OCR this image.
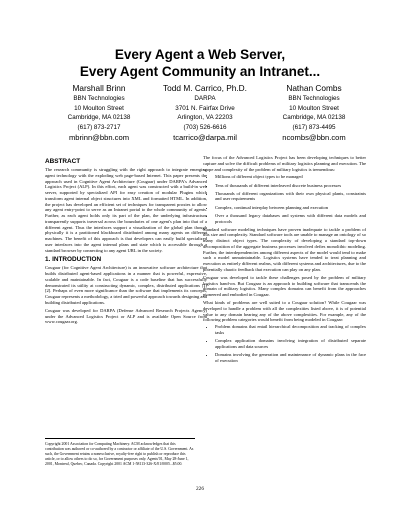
Every Agent a Web Server,
Every Agent Community an Intranet...
Marshall Brinn
BBN Technologies
10 Moulton Street
Cambridge, MA 02138
(617) 873-2717
mbrinn@bbn.com
Todd M. Carrico, Ph.D.
DARPA
3701 N. Fairfax Drive
Arlington, VA 22203
(703) 526-6616
tcarrico@darpa.mil
Nathan Combs
BBN Technologies
10 Moulton Street
Cambridge, MA 02138
(617) 873-4495
ncombs@bbn.com
ABSTRACT

The research community is struggling with the right approach to integrate emerging agent technology with the exploding web page-based Internet. This paper presents the approach used in Cognitive Agent Architecture (Cougaar) under DARPA's Advanced Logistics Project (ALP). In this effort, each agent was constructed with a build-in web server, supported by specialized API for easy creation of modular Plugins which transform agent internal object structures into XML and formatted HTML. In addition, the project has developed an efficient set of techniques for transparent proxies to allow any agent entry-point to serve as an Intranet portal to the whole community of agents. Further, as each agent holds only its part of the plan, the underlying infrastructure transparently supports traversal across the boundaries of one agent's plan into that of a different agent. Thus the interfaces support a visualization of the global plan though physically it is a partitioned blackboard distributed among many agents on different machines. The benefit of this approach is that developers can easily build specialized user interfaces into the agent internal plans and state which is accessible through a standard browser by connecting to any agent URL in the society.

1. INTRODUCTION

Cougaar (for Cognitive Agent Architecture) is an innovative software architecture that builds distributed agent-based applications in a manner that is powerful, expressive, scalable and maintainable. In fact, Cougaar is a code baseline that has successfully demonstrated its utility at constructing dynamic, complex, distributed applications [1][2]. Perhaps of even more significance than the software that implements its concepts, Cougaar represents a methodology, a tried and powerful approach towards designing and building distributed applications.

Cougaar was developed for DARPA (Defense Advanced Research Projects Agency) under the Advanced Logistics Project or ALP and is available Open Source from www.cougaar.org.

Copyright 2001 Association for Computing Machinery. ACM acknowledges that this contribution was authored or co-authored by a contractor or affiliate of the U.S. Government. As such, the Government retains a nonexclusive, royalty-free right to publish or reproduce this article, or to allow others to do so, for Government purposes only. Agents'01, May 28-June 1, 2001, Montreal, Quebec, Canada. Copyright 2001 ACM 1-58113-326-X/01/0005...$5.00.

The focus of the Advanced Logistics Project has been developing techniques to better capture and solve the difficult problems of military logistics planning and execution. The scope and complexity of the problem of military logistics is tremendous:

• Millions of different object types to be managed
• Tens of thousands of different interleaved discrete business processes
• Thousands of different organizations with their own physical plants, constraints and user requirements
• Complex, continual interplay between planning and execution
• Over a thousand legacy databases and systems with different data models and protocols

Standard software modeling techniques have proven inadequate to tackle a problem of this size and complexity. Standard software tools are unable to manage an ontology of so many distinct object types. The complexity of developing a standard top-down decomposition of the aggregate business processes involved defies monolithic modeling. Further, the interdependencies among different aspects of the model would tend to make such a model unmaintainable. Logistics systems have tended to treat planning and execution as entirely different realms, with different systems and architectures, due to the potentially chaotic feedback that execution can play on any plan.

Cougaar was developed to tackle these challenges posed by the problem of military logistics hand-on. But Cougaar is an approach to building software that transcends the domain of military logistics. Many complex domains can benefit from the approaches pioneered and embodied in Cougaar.

What kinds of problems are well suited to a Cougaar solution? While Cougaar was developed to handle a problem with all the complexities listed above, it is of potential value to any domain bearing any of the above complexities. For example, any of the following problem categories would benefit from being modeled in Cougaar:

• Problem domains that entail hierarchical decomposition and tracking of complex tasks
• Complex application domains involving integration of distributed separate applications and data sources
• Domains involving the generation and maintenance of dynamic plans in the face of execution
226
